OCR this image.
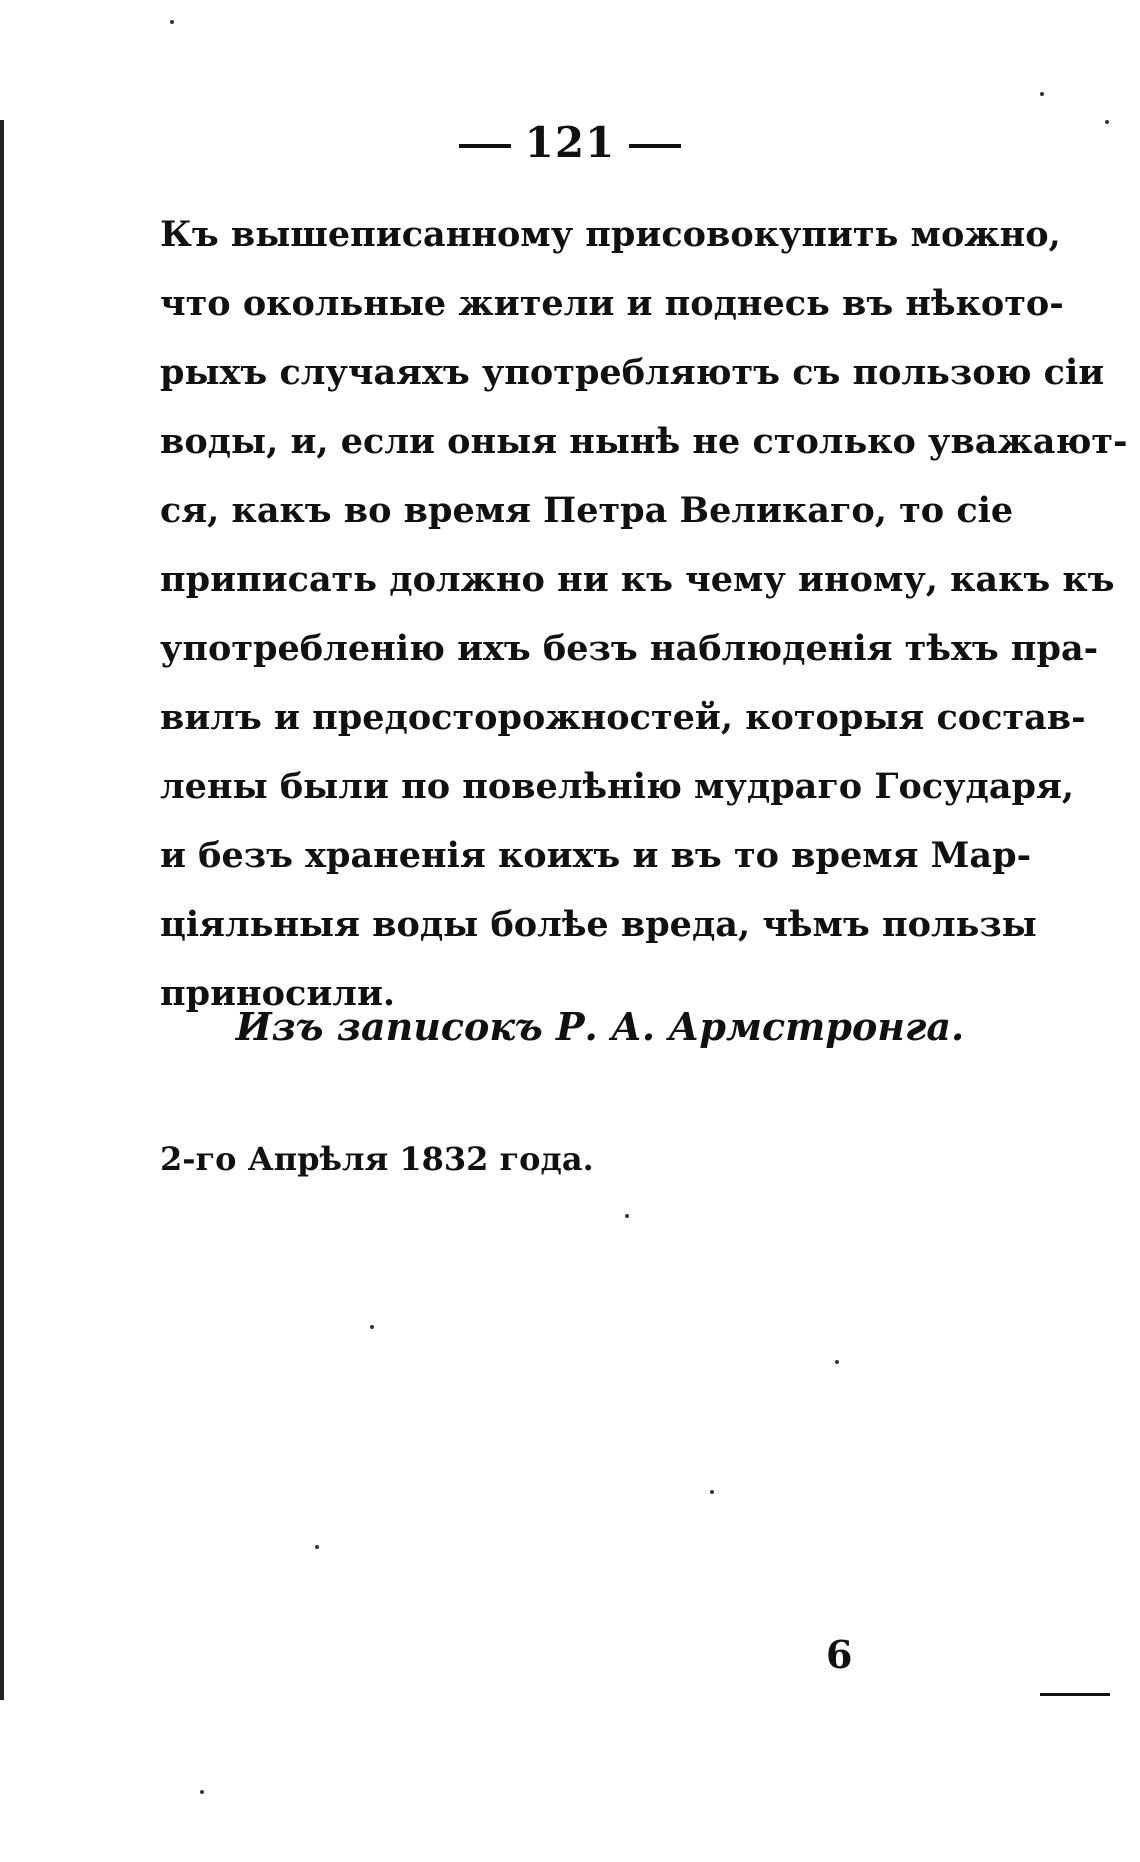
121
Къ вышеписанному присовокупить можно,
что окольные жители и поднесь въ нѣкото-
рыхъ случаяхъ употребляютъ съ пользою сіи
воды, и, если оныя нынѣ не столько уважают-
ся, какъ во время Петра Великаго, то сіе
приписать должно ни къ чему иному, какъ къ
употребленію ихъ безъ наблюденія тѣхъ пра-
вилъ и предосторожностей, которыя состав-
лены были по повелѣнію мудраго Государя,
и безъ храненія коихъ и въ то время Мар-
ціяльныя воды болѣе вреда, чѣмъ пользы
приносили.
Изъ записокъ Р. А. Армстронга.
2-го Апрѣля 1832 года.
6
